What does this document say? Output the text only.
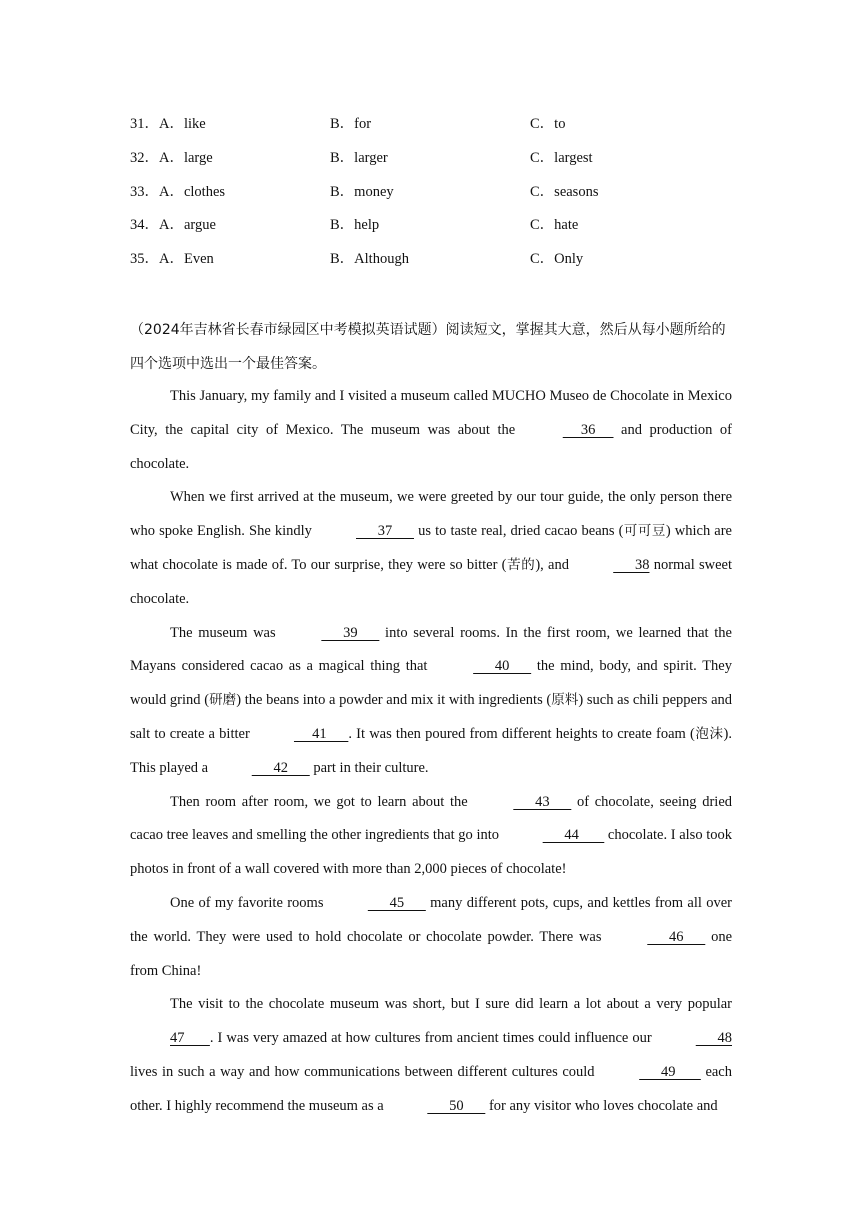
31．A．like	B．for	C．to
32．A．large	B．larger	C．largest
33．A．clothes	B．money	C．seasons
34．A．argue	B．help	C．hate
35．A．Even	B．Although	C．Only
（2024年吉林省长春市绿园区中考模拟英语试题）阅读短文，掌握其大意，然后从每小题所给的四个选项中选出一个最佳答案。

This January, my family and I visited a museum called MUCHO Museo de Chocolate in Mexico City, the capital city of Mexico. The museum was about the	36      and production of chocolate.

When we first arrived at the museum, we were greeted by our tour guide, the only person there who spoke English. She kindly	37       us to taste real, dried cacao beans (可可豆) which are what chocolate is made of. To our surprise, they were so bitter (苦的), and	38 normal sweet chocolate.

The museum was	39       into several rooms. In the first room, we learned that the Mayans considered cacao as a magical thing that	40       the mind, body, and spirit. They would grind (研磨) the beans into a powder and mix it with ingredients (原料) such as chili peppers and salt to create a bitter	41      . It was then poured from different heights to create foam (泡沫). This played a	42       part in their culture.

Then room after room, we got to learn about the	43       of chocolate, seeing dried cacao tree leaves and smelling the other ingredients that go into	44        chocolate. I also took photos in front of a wall covered with more than 2,000 pieces of chocolate!

One of my favorite rooms	45       many different pots, cups, and kettles from all over the world. They were used to hold chocolate or chocolate powder. There was	46       one from China!

The visit to the chocolate museum was short, but I sure did learn a lot about a very popular 47       . I was very amazed at how cultures from ancient times could influence our	48 lives in such a way and how communications between different cultures could	49        each other. I highly recommend the museum as a	50       for any visitor who loves chocolate and
